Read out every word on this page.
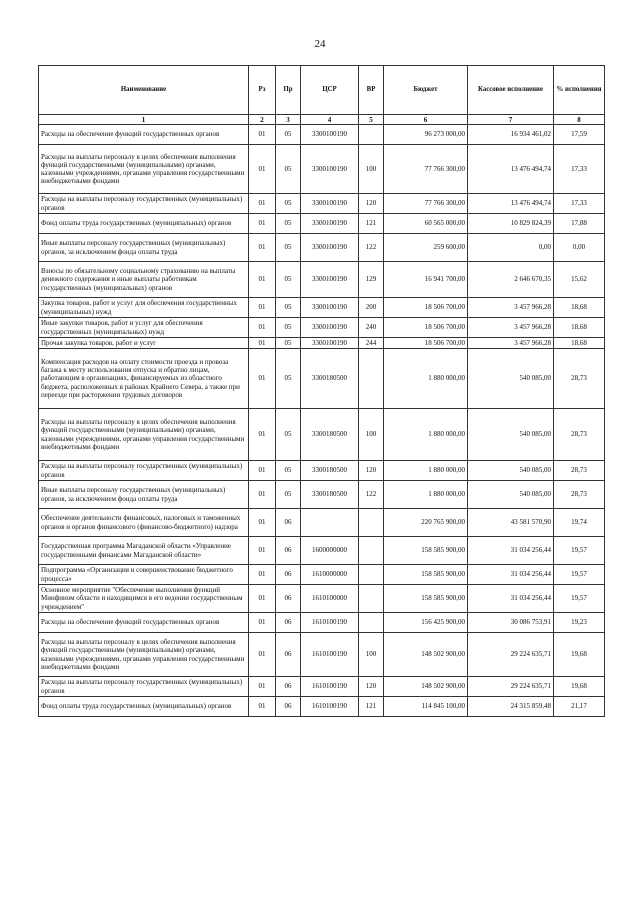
24
Наименование	Рз	Пр	ЦСР	ВР	Бюджет	Кассовое исполнение	% исполнения
1	2	3	4	5	6	7	8
Расходы на обеспечение функций государственных органов	01	05	3300100190		96 273 000,00	16 934 461,02	17,59
Расходы на выплаты персоналу в целях обеспечения выполнения функций государственными (муниципальными) органами, казенными учреждениями, органами управления государственными внебюджетными фондами	01	05	3300100190	100	77 766 300,00	13 476 494,74	17,33
Расходы на выплаты персоналу государственных (муниципальных) органов	01	05	3300100190	120	77 766 300,00	13 476 494,74	17,33
Фонд оплаты труда государственных (муниципальных) органов	01	05	3300100190	121	60 565 000,00	10 829 824,39	17,88
Иные выплаты персоналу государственных (муниципальных) органов, за исключением фонда оплаты труда	01	05	3300100190	122	259 600,00	0,00	0,00
Взносы по обязательному социальному страхованию на выплаты денежного содержания и иные выплаты работникам государственных (муниципальных) органов	01	05	3300100190	129	16 941 700,00	2 646 670,35	15,62
Закупка товаров, работ и услуг для обеспечения государственных (муниципальных) нужд	01	05	3300100190	200	18 506 700,00	3 457 966,28	18,68
Иные закупки товаров, работ и услуг для обеспечения государственных (муниципальных) нужд	01	05	3300100190	240	18 506 700,00	3 457 966,28	18,68
Прочая закупка товаров, работ и услуг	01	05	3300100190	244	18 506 700,00	3 457 966,28	18,68
Компенсация расходов на оплату стоимости проезда и провоза багажа к месту использования отпуска и обратно лицам, работающим в организациях, финансируемых из областного бюджета, расположенных в районах Крайнего Севера, а также при переезде при расторжении трудовых договоров	01	05	3300180500		1 880 000,00	540 085,00	28,73
Расходы на выплаты персоналу в целях обеспечения выполнения функций государственными (муниципальными) органами, казенными учреждениями, органами управления государственными внебюджетными фондами	01	05	3300180500	100	1 880 000,00	540 085,00	28,73
Расходы на выплаты персоналу государственных (муниципальных) органов	01	05	3300180500	120	1 880 000,00	540 085,00	28,73
Иные выплаты персоналу государственных (муниципальных) органов, за исключением фонда оплаты труда	01	05	3300180500	122	1 880 000,00	540 085,00	28,73
Обеспечение деятельности финансовых, налоговых и таможенных органов и органов финансового (финансово-бюджетного) надзора	01	06			220 765 900,00	43 581 570,90	19,74
Государственная программа Магаданской области «Управление государственными финансами Магаданской области»	01	06	1600000000		158 585 900,00	31 034 256,44	19,57
Подпрограмма «Организация и совершенствование бюджетного процесса»	01	06	1610000000		158 585 900,00	31 034 256,44	19,57
Основное мероприятие "Обеспечение выполнения функций Минфином области и находящимся в его ведении государственным учреждением"	01	06	1610100000		158 585 900,00	31 034 256,44	19,57
Расходы на обеспечение функций государственных органов	01	06	1610100190		156 425 900,00	30 086 753,91	19,23
Расходы на выплаты персоналу в целях обеспечения выполнения функций государственными (муниципальными) органами, казенными учреждениями, органами управления государственными внебюджетными фондами	01	06	1610100190	100	148 502 900,00	29 224 635,71	19,68
Расходы на выплаты персоналу государственных (муниципальных) органов	01	06	1610100190	120	148 502 900,00	29 224 635,71	19,68
Фонд оплаты труда государственных (муниципальных) органов	01	06	1610100190	121	114 845 100,00	24 315 859,48	21,17
